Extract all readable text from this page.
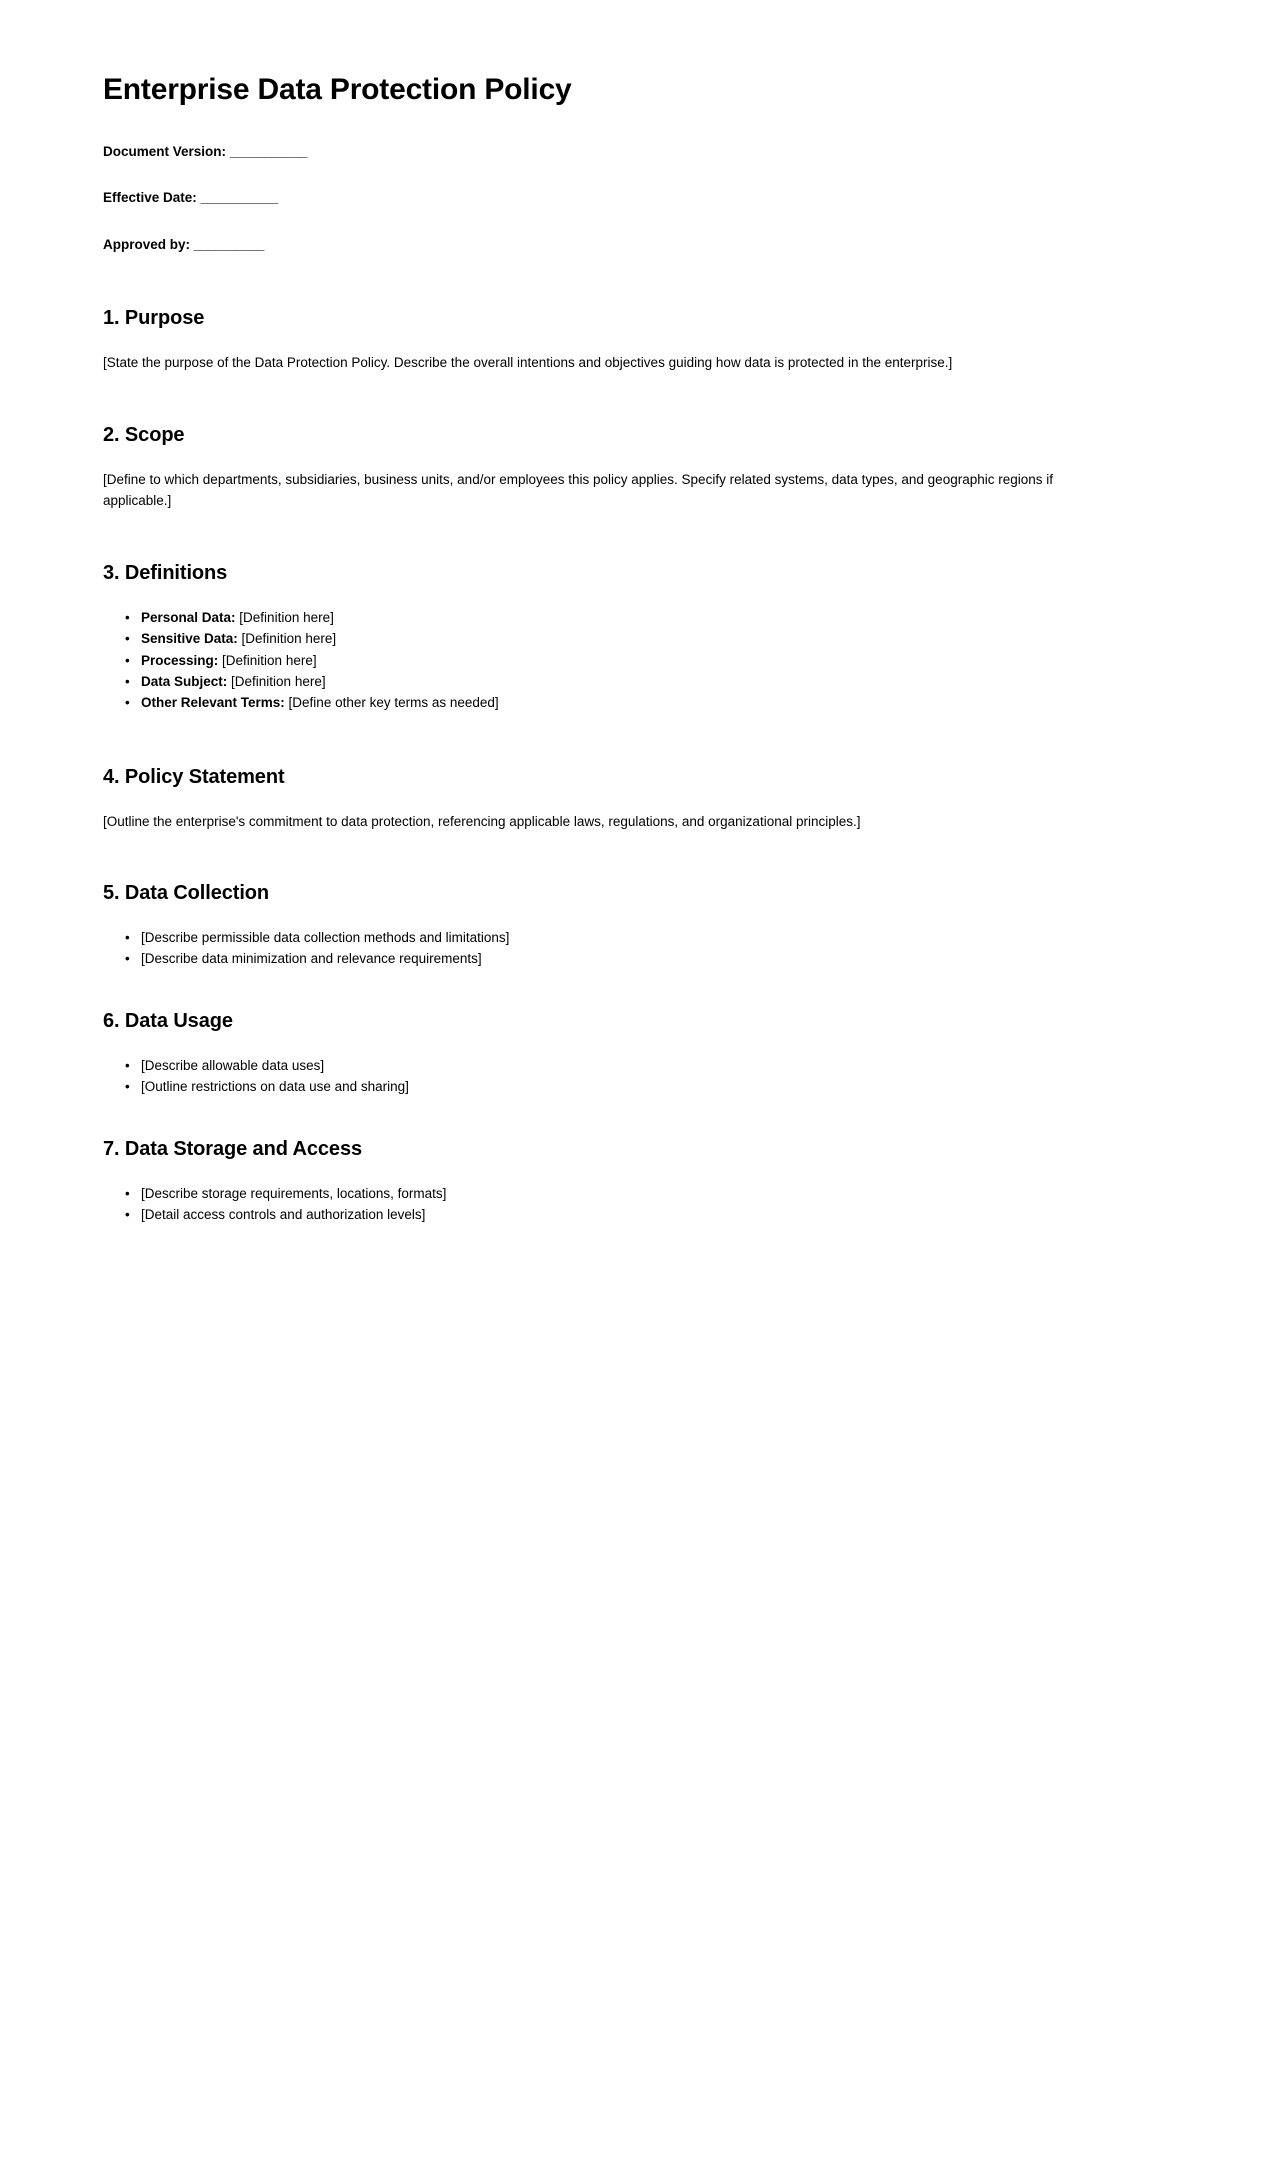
Enterprise Data Protection Policy

Document Version: ___________

Effective Date: ___________

Approved by: __________

1. Purpose

[State the purpose of the Data Protection Policy. Describe the overall intentions and objectives guiding how data is protected in the enterprise.]

2. Scope

[Define to which departments, subsidiaries, business units, and/or employees this policy applies. Specify related systems, data types, and geographic regions if applicable.]

3. Definitions
• Personal Data: [Definition here]
• Sensitive Data: [Definition here]
• Processing: [Definition here]
• Data Subject: [Definition here]
• Other Relevant Terms: [Define other key terms as needed]
4. Policy Statement

[Outline the enterprise's commitment to data protection, referencing applicable laws, regulations, and organizational principles.]

5. Data Collection
• [Describe permissible data collection methods and limitations]
• [Describe data minimization and relevance requirements]
6. Data Usage
• [Describe allowable data uses]
• [Outline restrictions on data use and sharing]
7. Data Storage and Access
• [Describe storage requirements, locations, formats]
• [Detail access controls and authorization levels]
